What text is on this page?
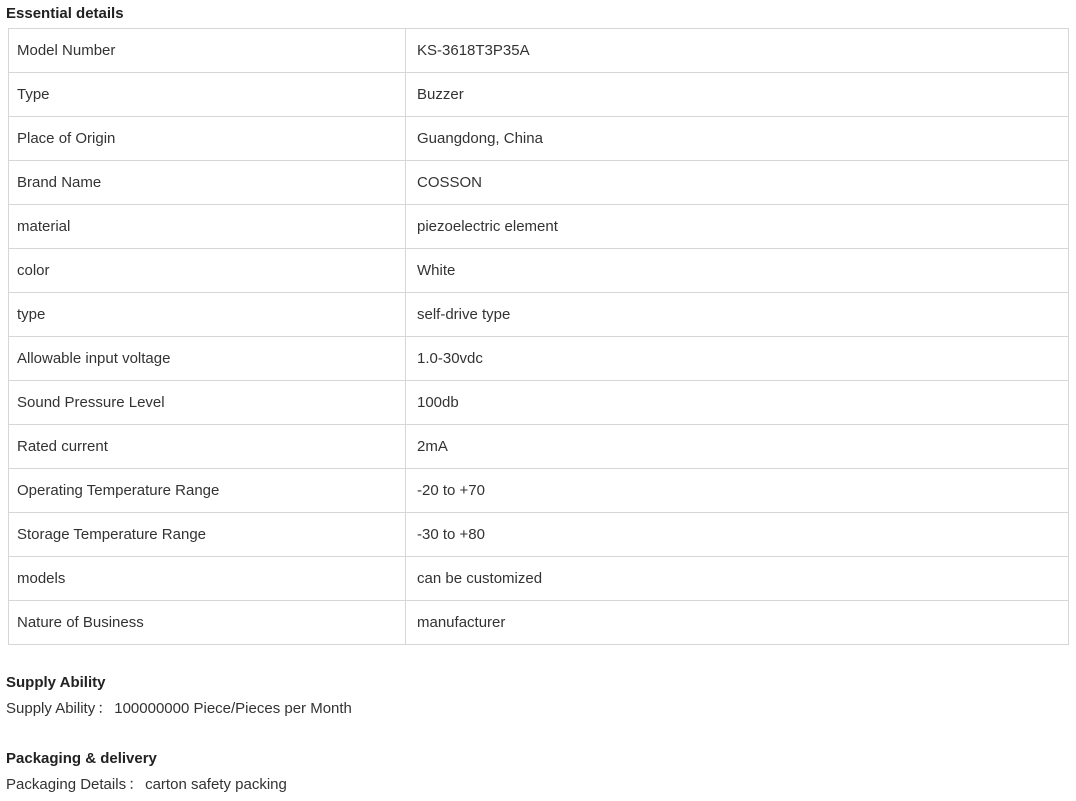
Essential details
Model Number	KS-3618T3P35A
Type	Buzzer
Place of Origin	Guangdong, China
Brand Name	COSSON
material	piezoelectric element
color	White
type	self-drive type
Allowable input voltage	1.0-30vdc
Sound Pressure Level	100db
Rated current	2mA
Operating Temperature Range	-20 to +70
Storage Temperature Range	-30 to +80
models	can be customized
Nature of Business	manufacturer
Supply Ability

Supply Ability ： 100000000 Piece/Pieces per Month

Packaging & delivery

Packaging Details ： carton safety packing
